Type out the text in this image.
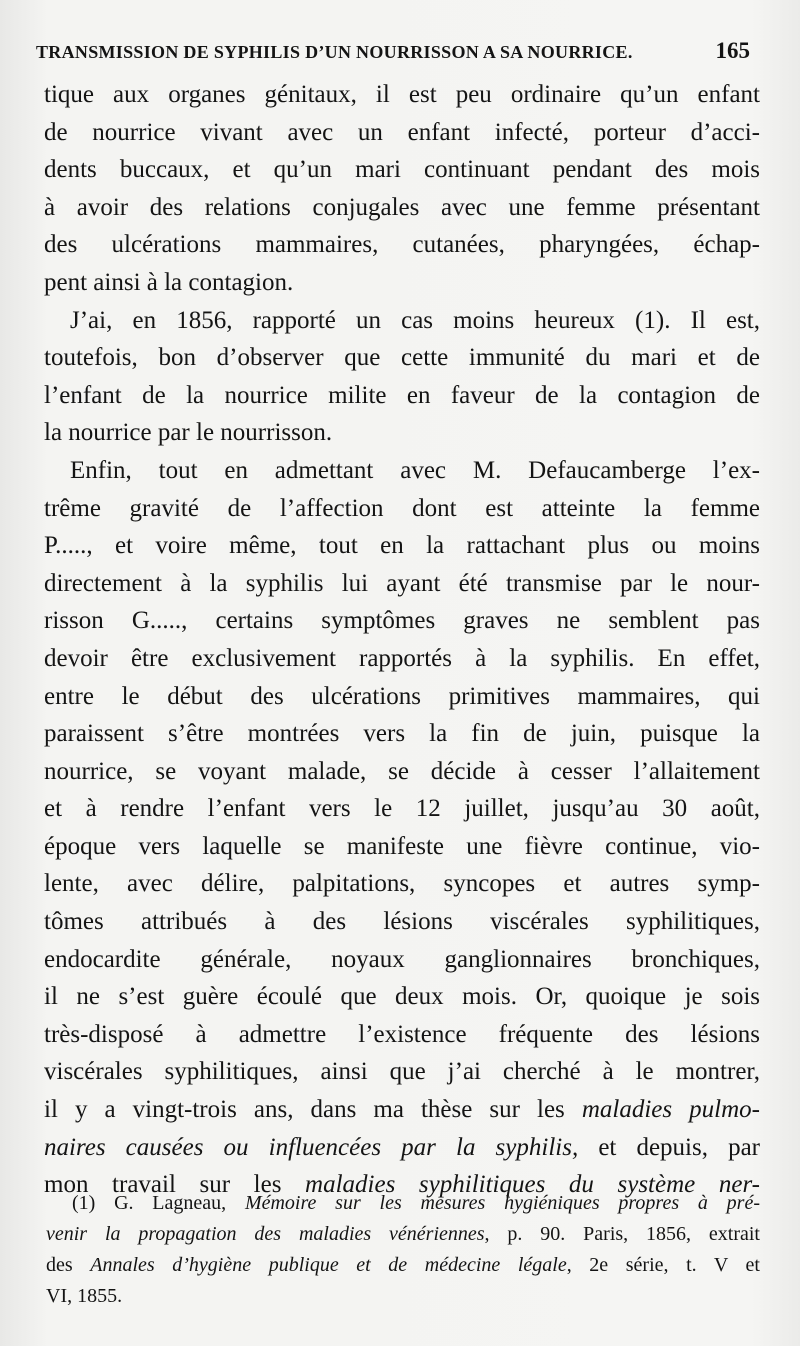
TRANSMISSION DE SYPHILIS D’UN NOURRISSON A SA NOURRICE.	165
tique aux organes génitaux, il est peu ordinaire qu’un enfant
de nourrice vivant avec un enfant infecté, porteur d’acci-
dents buccaux, et qu’un mari continuant pendant des mois
à avoir des relations conjugales avec une femme présentant
des ulcérations mammaires, cutanées, pharyngées, échap-
pent ainsi à la contagion.
J’ai, en 1856, rapporté un cas moins heureux (1). Il est,
toutefois, bon d’observer que cette immunité du mari et de
l’enfant de la nourrice milite en faveur de la contagion de
la nourrice par le nourrisson.
Enfin, tout en admettant avec M. Defaucamberge l’ex-
trême gravité de l’affection dont est atteinte la femme
P....., et voire même, tout en la rattachant plus ou moins
directement à la syphilis lui ayant été transmise par le nour-
risson G....., certains symptômes graves ne semblent pas
devoir être exclusivement rapportés à la syphilis. En effet,
entre le début des ulcérations primitives mammaires, qui
paraissent s’être montrées vers la fin de juin, puisque la
nourrice, se voyant malade, se décide à cesser l’allaitement
et à rendre l’enfant vers le 12 juillet, jusqu’au 30 août,
époque vers laquelle se manifeste une fièvre continue, vio-
lente, avec délire, palpitations, syncopes et autres symp-
tômes attribués à des lésions viscérales syphilitiques,
endocardite générale, noyaux ganglionnaires bronchiques,
il ne s’est guère écoulé que deux mois. Or, quoique je sois
très-disposé à admettre l’existence fréquente des lésions
viscérales syphilitiques, ainsi que j’ai cherché à le montrer,
il y a vingt-trois ans, dans ma thèse sur les maladies pulmo-
naires causées ou influencées par la syphilis, et depuis, par
mon travail sur les maladies syphilitiques du système ner-
(1) G. Lagneau, Mémoire sur les mesures hygiéniques propres à pré-
venir la propagation des maladies vénériennes, p. 90. Paris, 1856, extrait
des Annales d’hygiène publique et de médecine légale, 2e série, t. V et
VI, 1855.
